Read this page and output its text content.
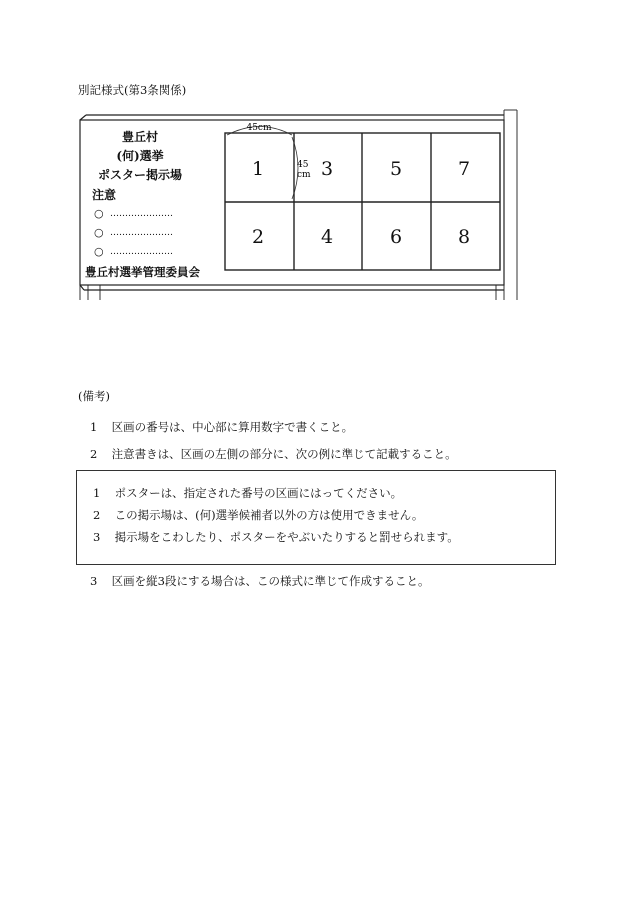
別記様式(第3条関係)
45cm
45
cm
1	3	5	7
2	4	6	8
豊丘村
(何)選挙
ポスター掲示場
注意
○ …………………
○ …………………
○ …………………
豊丘村選挙管理委員会
(備考)
1 区画の番号は、中心部に算用数字で書くこと。
2 注意書きは、区画の左側の部分に、次の例に準じて記載すること。
1 ポスターは、指定された番号の区画にはってください。
2 この掲示場は、(何)選挙候補者以外の方は使用できません。
3 掲示場をこわしたり、ポスターをやぶいたりすると罰せられます。
3 区画を縦3段にする場合は、この様式に準じて作成すること。
